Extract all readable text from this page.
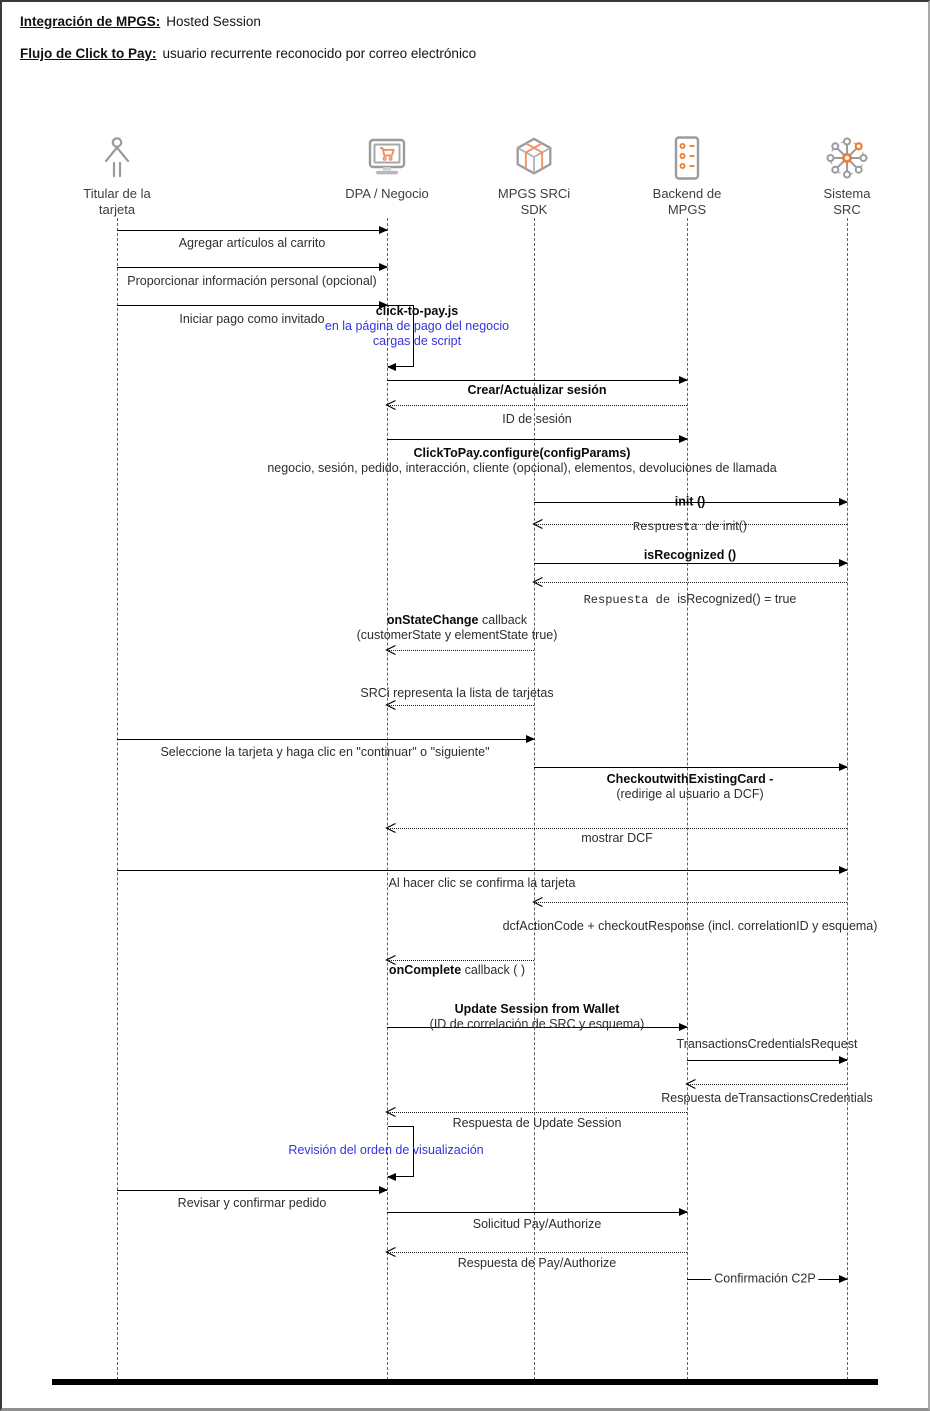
Integración de MPGS: Hosted Session
Flujo de Click to Pay: usuario recurrente reconocido por correo electrónico
Titular de la tarjeta
DPA / Negocio	MPGS SRCi SDK
Backend de MPGS
Sistema SRC
Agregar artículos al carrito
Proporcionar información personal (opcional)
Iniciar pago como invitado
click-to-pay.js
en la página de pago del negocio
cargas de script
Crear/Actualizar sesión
ID de sesión
ClickToPay.configure(configParams)
negocio, sesión, pedido, interacción, cliente (opcional), elementos, devoluciones de llamada
init ()
Respuesta de init()
isRecognized ()
Respuesta de isRecognized() = true
onStateChange callback
(customerState y elementState true)
SRCi representa la lista de tarjetas
Seleccione la tarjeta y haga clic en "continuar" o "siguiente"
CheckoutwithExistingCard -
(redirige al usuario a DCF)
mostrar DCF
Al hacer clic se confirma la tarjeta
dcfActionCode + checkoutResponse (incl. correlationID y esquema)
onComplete callback ( )
Update Session from Wallet
(ID de correlación de SRC y esquema)
TransactionsCredentialsRequest
Respuesta deTransactionsCredentials
Respuesta de Update Session
Revisión del orden de visualización
Revisar y confirmar pedido
Solicitud Pay/Authorize
Respuesta de Pay/Authorize
Confirmación C2P
